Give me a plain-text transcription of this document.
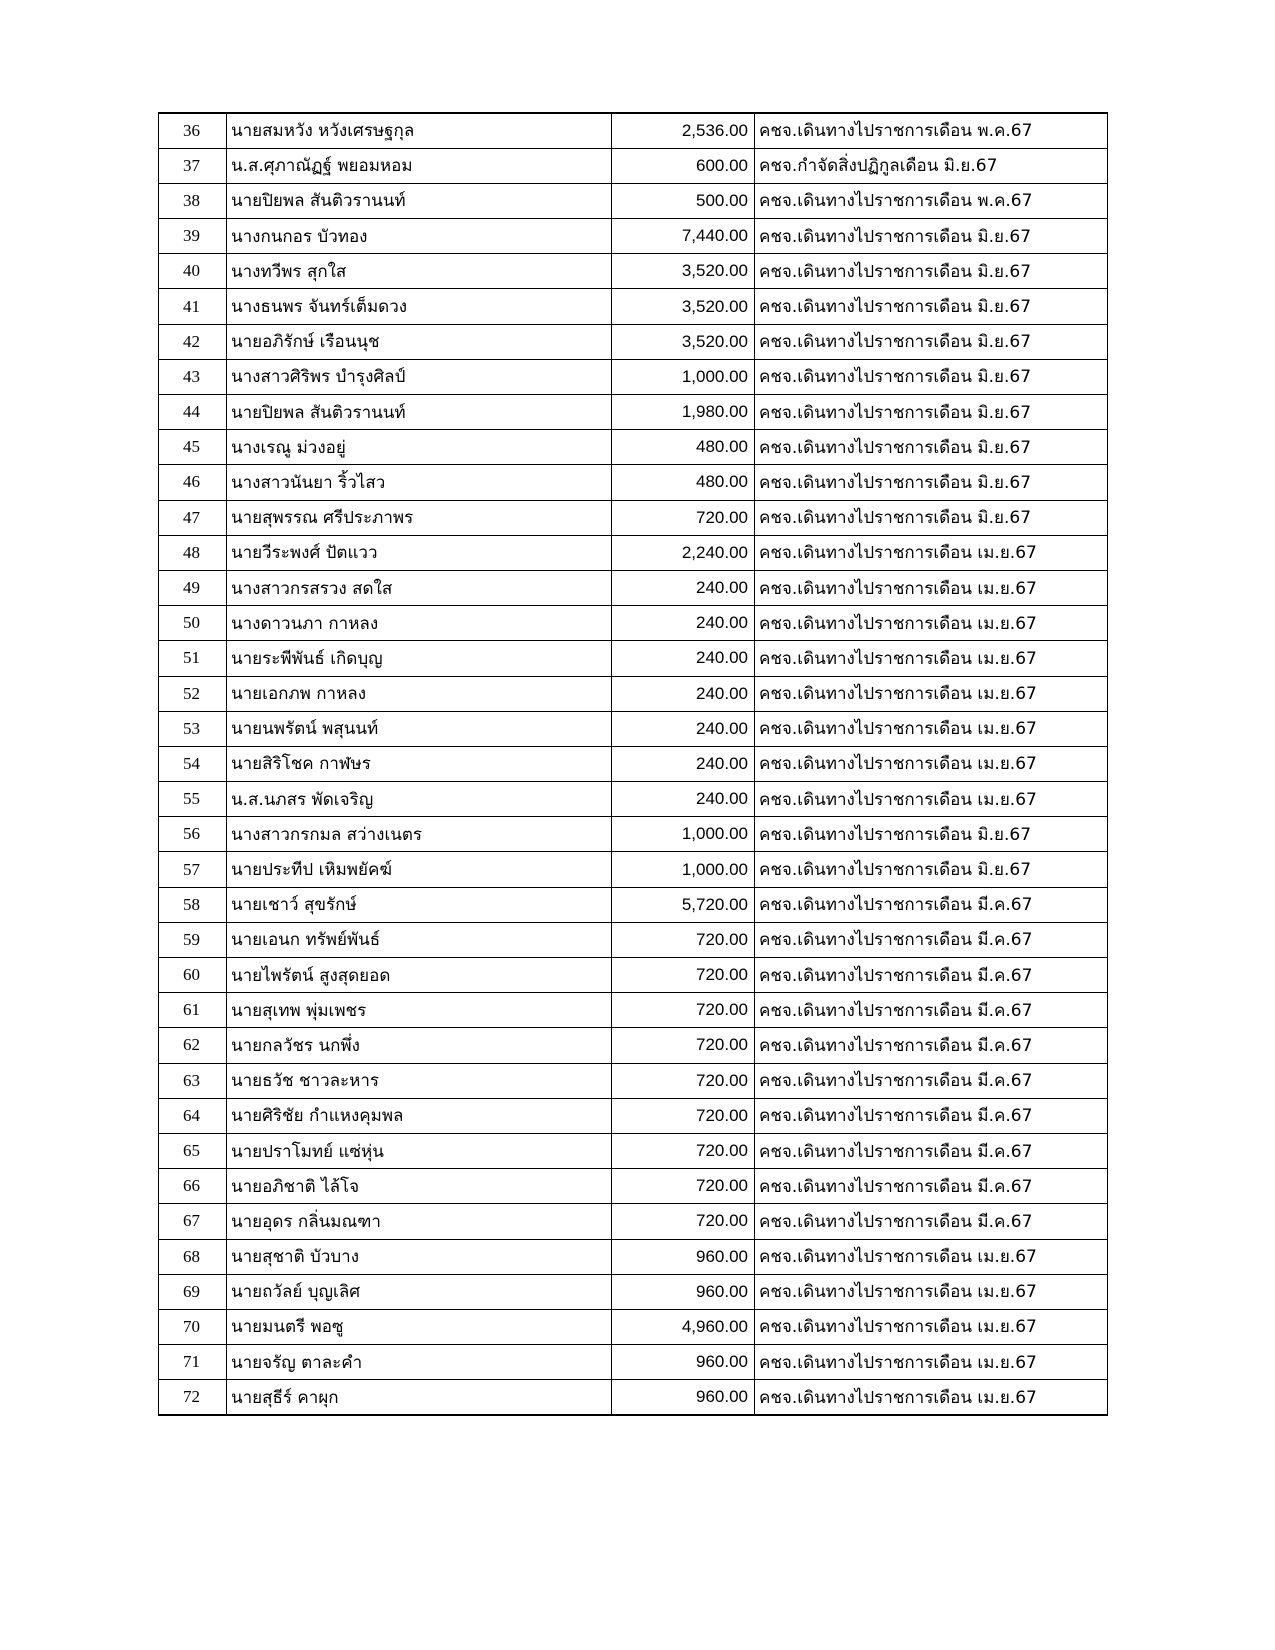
36	นายสมหวัง หวังเศรษฐกุล	2,536.00	คชจ.เดินทางไปราชการเดือน พ.ค.67
37	น.ส.ศุภาณัฏฐ์ พยอมหอม	600.00	คชจ.กำจัดสิ่งปฏิกูลเดือน มิ.ย.67
38	นายปิยพล สันติวรานนท์	500.00	คชจ.เดินทางไปราชการเดือน พ.ค.67
39	นางกนกอร บัวทอง	7,440.00	คชจ.เดินทางไปราชการเดือน มิ.ย.67
40	นางทวีพร สุกใส	3,520.00	คชจ.เดินทางไปราชการเดือน มิ.ย.67
41	นางธนพร จันทร์เต็มดวง	3,520.00	คชจ.เดินทางไปราชการเดือน มิ.ย.67
42	นายอภิรักษ์ เรือนนุช	3,520.00	คชจ.เดินทางไปราชการเดือน มิ.ย.67
43	นางสาวศิริพร บำรุงศิลป์	1,000.00	คชจ.เดินทางไปราชการเดือน มิ.ย.67
44	นายปิยพล สันติวรานนท์	1,980.00	คชจ.เดินทางไปราชการเดือน มิ.ย.67
45	นางเรณู ม่วงอยู่	480.00	คชจ.เดินทางไปราชการเดือน มิ.ย.67
46	นางสาวนันยา ริ้วไสว	480.00	คชจ.เดินทางไปราชการเดือน มิ.ย.67
47	นายสุพรรณ ศรีประภาพร	720.00	คชจ.เดินทางไปราชการเดือน มิ.ย.67
48	นายวีระพงศ์ ปัตแวว	2,240.00	คชจ.เดินทางไปราชการเดือน เม.ย.67
49	นางสาวกรสรวง สดใส	240.00	คชจ.เดินทางไปราชการเดือน เม.ย.67
50	นางดาวนภา กาหลง	240.00	คชจ.เดินทางไปราชการเดือน เม.ย.67
51	นายระพีพันธ์ เกิดบุญ	240.00	คชจ.เดินทางไปราชการเดือน เม.ย.67
52	นายเอกภพ กาหลง	240.00	คชจ.เดินทางไปราชการเดือน เม.ย.67
53	นายนพรัตน์ พสุนนท์	240.00	คชจ.เดินทางไปราชการเดือน เม.ย.67
54	นายสิริโชค กาฬษร	240.00	คชจ.เดินทางไปราชการเดือน เม.ย.67
55	น.ส.นภสร พัดเจริญ	240.00	คชจ.เดินทางไปราชการเดือน เม.ย.67
56	นางสาวกรกมล สว่างเนตร	1,000.00	คชจ.เดินทางไปราชการเดือน มิ.ย.67
57	นายประทีป เหิมพยัคฆ์	1,000.00	คชจ.เดินทางไปราชการเดือน มิ.ย.67
58	นายเชาว์ สุขรักษ์	5,720.00	คชจ.เดินทางไปราชการเดือน มี.ค.67
59	นายเอนก ทรัพย์พันธ์	720.00	คชจ.เดินทางไปราชการเดือน มี.ค.67
60	นายไพรัตน์ สูงสุดยอด	720.00	คชจ.เดินทางไปราชการเดือน มี.ค.67
61	นายสุเทพ พุ่มเพชร	720.00	คชจ.เดินทางไปราชการเดือน มี.ค.67
62	นายกลวัชร นกพึ่ง	720.00	คชจ.เดินทางไปราชการเดือน มี.ค.67
63	นายธวัช ชาวละหาร	720.00	คชจ.เดินทางไปราชการเดือน มี.ค.67
64	นายศิริชัย กำแหงคุมพล	720.00	คชจ.เดินทางไปราชการเดือน มี.ค.67
65	นายปราโมทย์ แซ่หุ่น	720.00	คชจ.เดินทางไปราชการเดือน มี.ค.67
66	นายอภิชาติ ไล้โจ	720.00	คชจ.เดินทางไปราชการเดือน มี.ค.67
67	นายอุดร กลิ่นมณฑา	720.00	คชจ.เดินทางไปราชการเดือน มี.ค.67
68	นายสุชาติ บัวบาง	960.00	คชจ.เดินทางไปราชการเดือน เม.ย.67
69	นายถวัลย์ บุญเลิศ	960.00	คชจ.เดินทางไปราชการเดือน เม.ย.67
70	นายมนตรี พอซู	4,960.00	คชจ.เดินทางไปราชการเดือน เม.ย.67
71	นายจรัญ ตาละคำ	960.00	คชจ.เดินทางไปราชการเดือน เม.ย.67
72	นายสุธีร์ คาผุก	960.00	คชจ.เดินทางไปราชการเดือน เม.ย.67
